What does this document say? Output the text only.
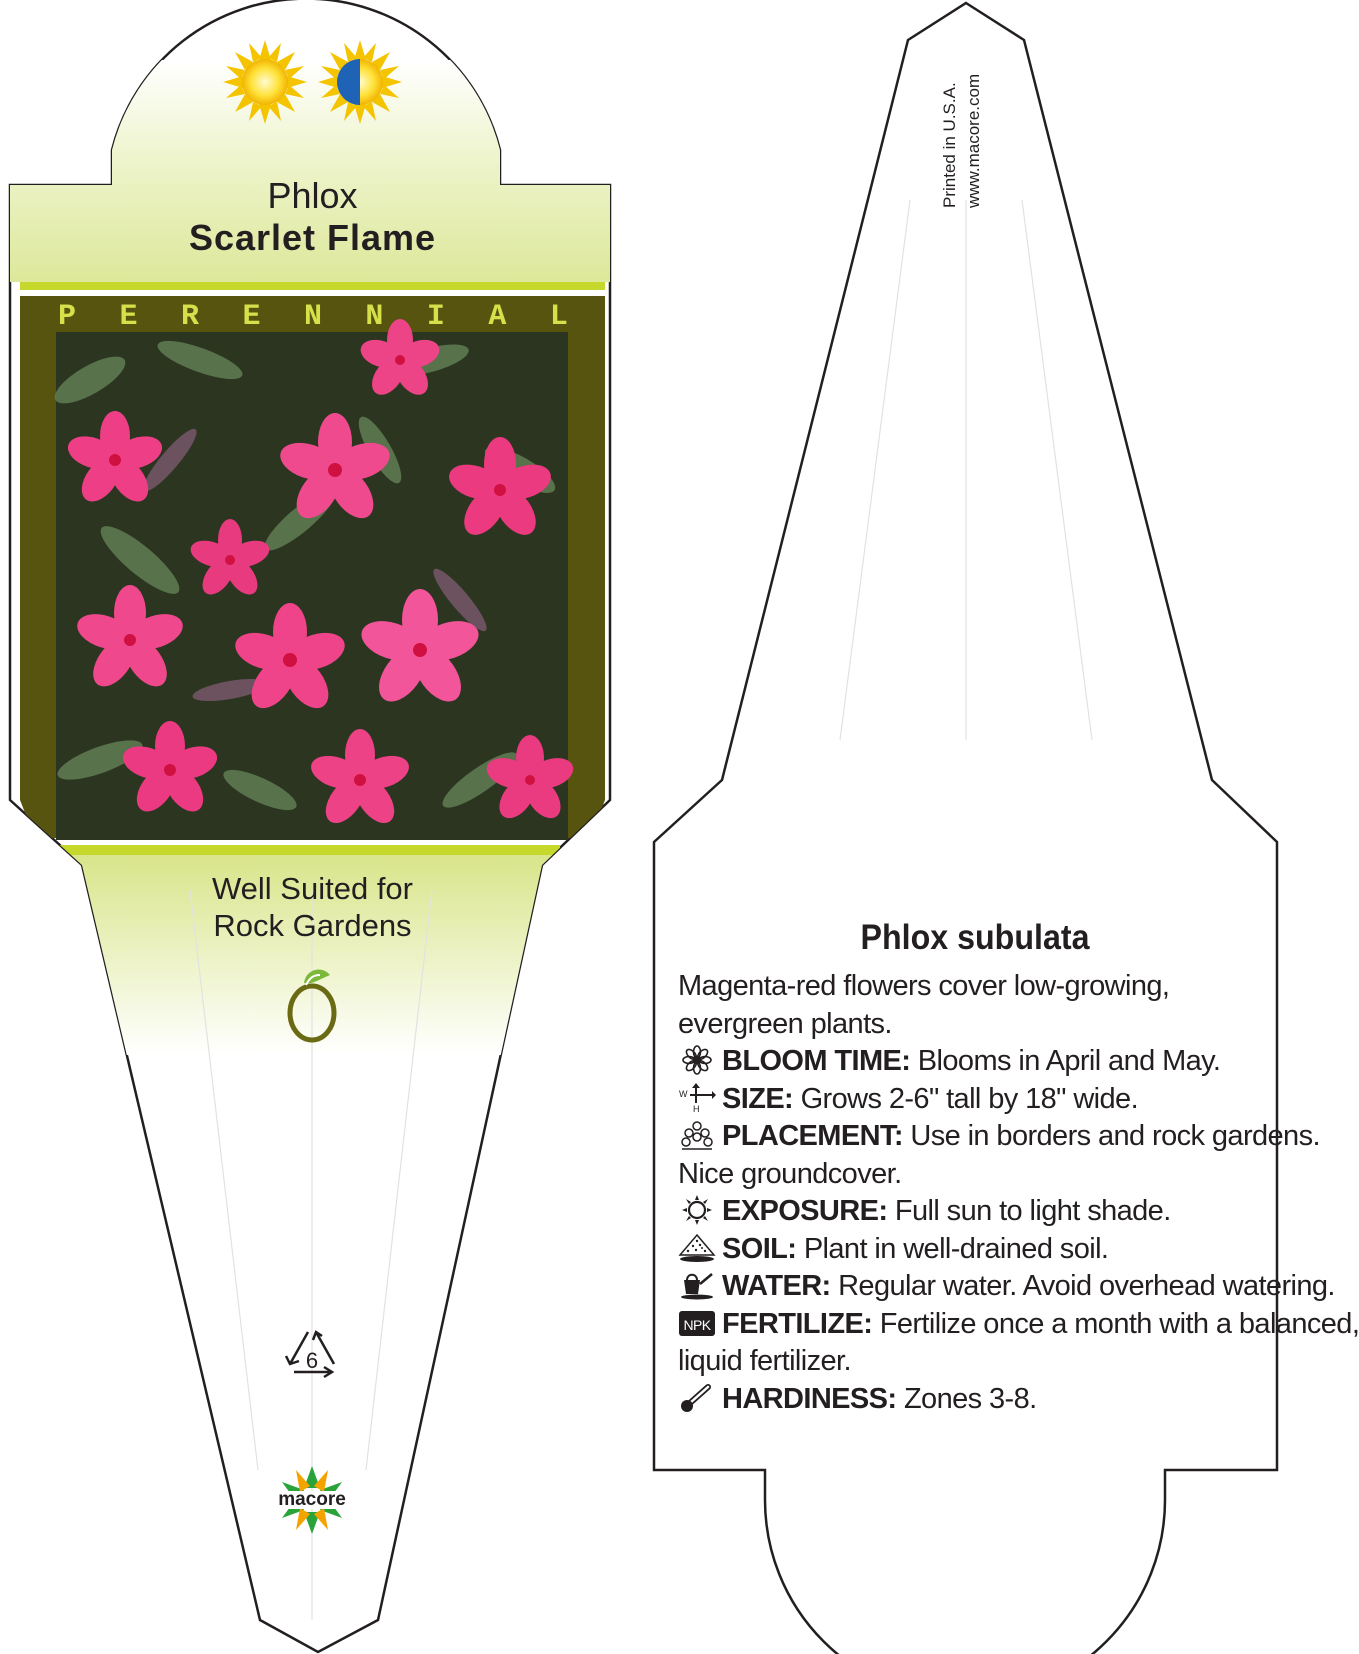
Phlox
Scarlet Flame
P E R E N N I A L
Well Suited for
Rock Gardens
6
macore
Printed in U.S.A. www.macore.com
Phlox subulata
Magenta-red flowers cover low-growing, evergreen plants.
BLOOM TIME: Blooms in April and May.
W
H SIZE: Grows 2-6" tall by 18" wide.
PLACEMENT: Use in borders and rock gardens.
Nice groundcover.
EXPOSURE: Full sun to light shade.
SOIL: Plant in well-drained soil.
WATER: Regular water. Avoid overhead watering.
NPK FERTILIZE: Fertilize once a month with a balanced,
liquid fertilizer.
HARDINESS: Zones 3-8.
